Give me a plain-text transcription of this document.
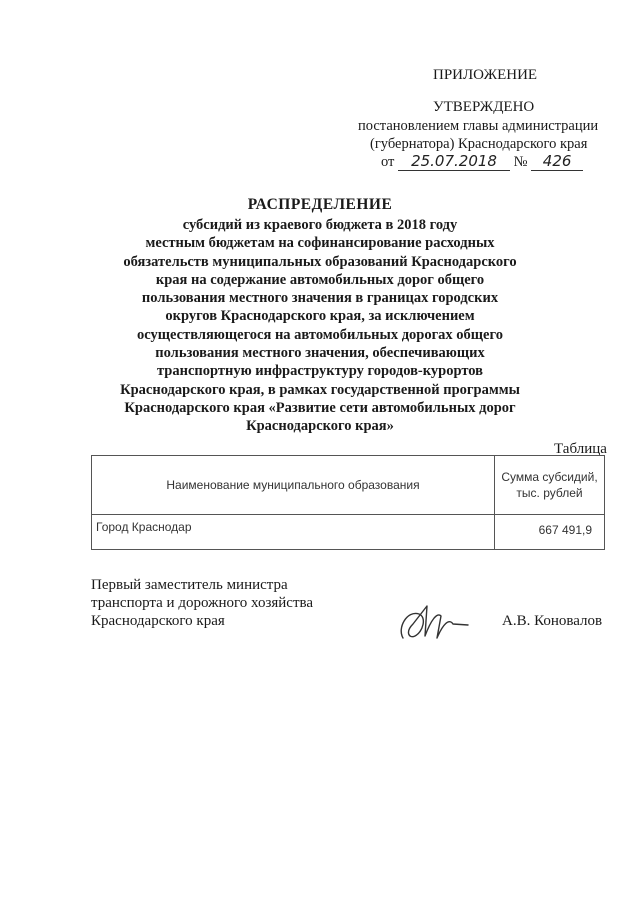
ПРИЛОЖЕНИЕ
УТВЕРЖДЕНО
постановлением главы администрации
(губернатора) Краснодарского края
от 25.07.2018 № 426
РАСПРЕДЕЛЕНИЕ
субсидий из краевого бюджета в 2018 году
местным бюджетам на софинансирование расходных
обязательств муниципальных образований Краснодарского
края на содержание автомобильных дорог общего
пользования местного значения в границах городских
округов Краснодарского края, за исключением
осуществляющегося на автомобильных дорогах общего
пользования местного значения, обеспечивающих
транспортную инфраструктуру городов-курортов
Краснодарского края, в рамках государственной программы
Краснодарского края «Развитие сети автомобильных дорог
Краснодарского края»
Таблица
Наименование муниципального образования	Сумма субсидий,
тыс. рублей
Город Краснодар	667 491,9
Первый заместитель министра
транспорта и дорожного хозяйства
Краснодарского края	А.В. Коновалов
